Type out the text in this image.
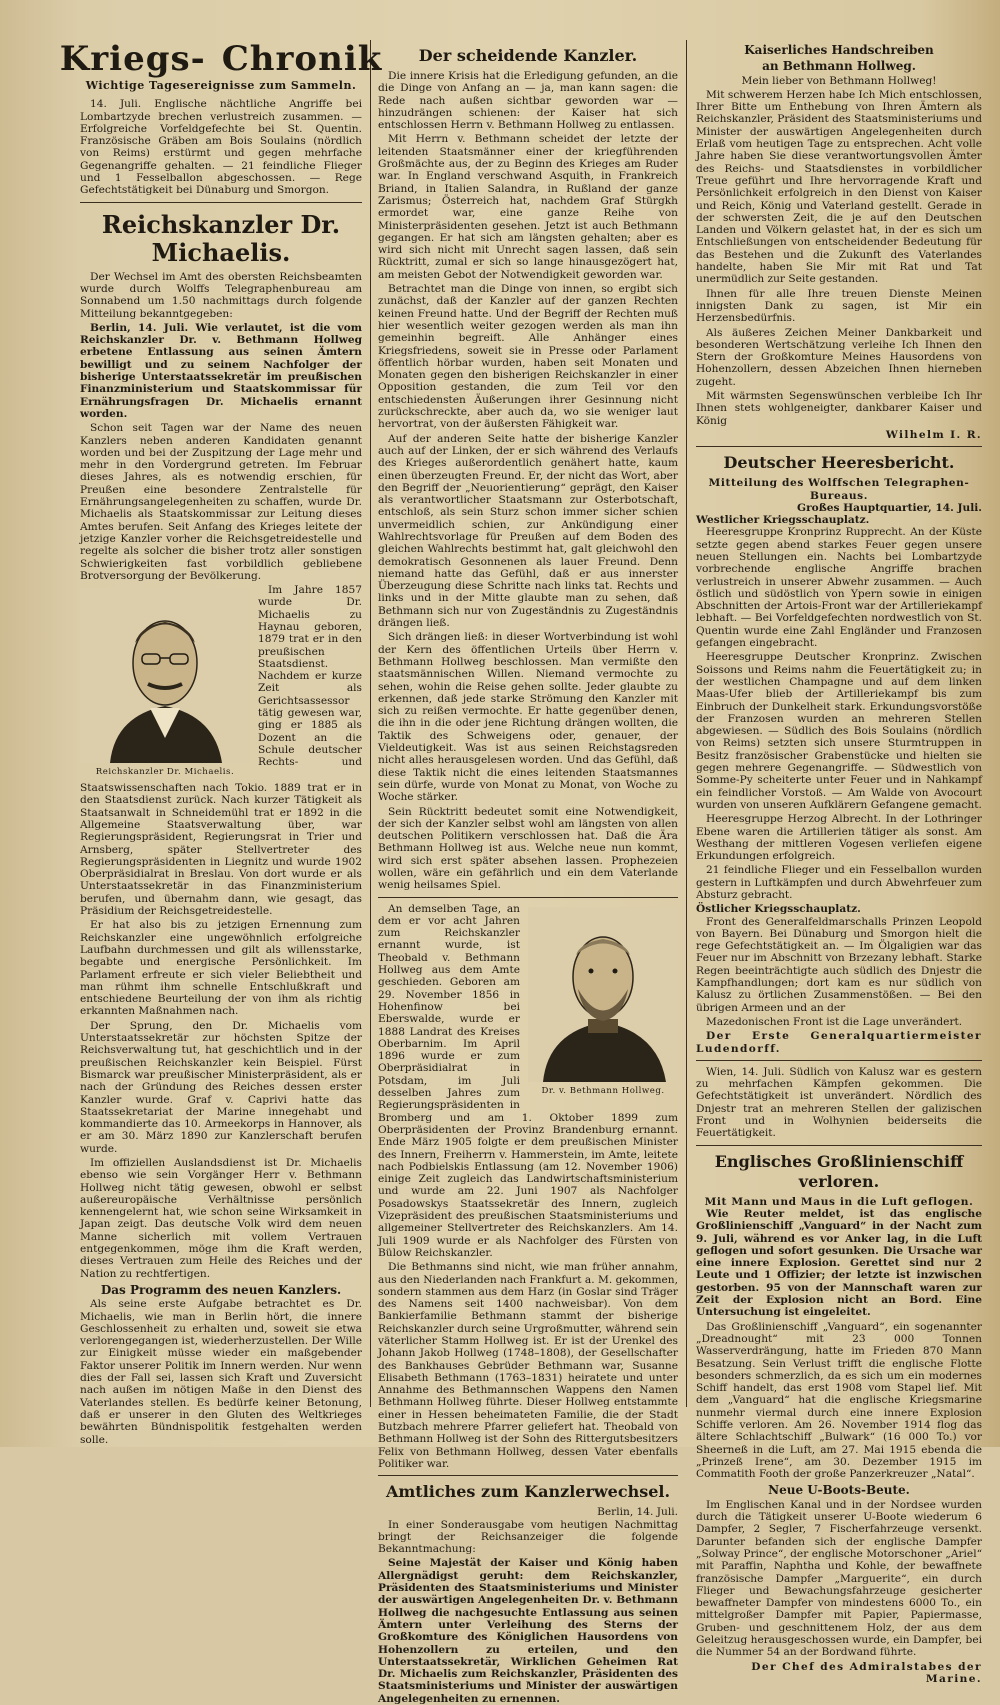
Kriegs- Chronik
Wichtige Tagesereignisse zum Sammeln.

14. Juli. Englische nächtliche Angriffe bei Lombartzyde brechen verlustreich zusammen. — Erfolgreiche Vorfeldgefechte bei St. Quentin. Französische Gräben am Bois Soulains (nördlich von Reims) erstürmt und gegen mehrfache Gegenangriffe gehalten. — 21 feindliche Flieger und 1 Fesselballon abgeschossen. — Rege Gefechtstätigkeit bei Dünaburg und Smorgon.

Reichskanzler Dr. Michaelis.

Der Wechsel im Amt des obersten Reichsbeamten wurde durch Wolffs Telegraphenbureau am Sonnabend um 1.50 nachmittags durch folgende Mitteilung bekanntgegeben:

Berlin, 14. Juli. Wie verlautet, ist die vom Reichskanzler Dr. v. Bethmann Hollweg erbetene Entlassung aus seinen Ämtern bewilligt und zu seinem Nachfolger der bisherige Unterstaatssekretär im preußischen Finanzministerium und Staatskommissar für Ernährungsfragen Dr. Michaelis ernannt worden.

Schon seit Tagen war der Name des neuen Kanzlers neben anderen Kandidaten genannt worden und bei der Zuspitzung der Lage mehr und mehr in den Vordergrund getreten. Im Februar dieses Jahres, als es notwendig erschien, für Preußen eine besondere Zentralstelle für Ernährungsangelegenheiten zu schaffen, wurde Dr. Michaelis als Staatskommissar zur Leitung dieses Amtes berufen. Seit Anfang des Krieges leitete der jetzige Kanzler vorher die Reichsgetreidestelle und regelte als solcher die bisher trotz aller sonstigen Schwierigkeiten fast vorbildlich gebliebene Brotversorgung der Bevölkerung.

Reichskanzler Dr. Michaelis.

Im Jahre 1857 wurde Dr. Michaelis zu Haynau geboren, 1879 trat er in den preußischen Staatsdienst. Nachdem er kurze Zeit als Gerichtsassessor tätig gewesen war, ging er 1885 als Dozent an die Schule deutscher Rechts- und Staatswissenschaften nach Tokio. 1889 trat er in den Staatsdienst zurück. Nach kurzer Tätigkeit als Staatsanwalt in Schneidemühl trat er 1892 in die Allgemeine Staatsverwaltung über, war Regierungspräsident, Regierungsrat in Trier und Arnsberg, später Stellvertreter des Regierungspräsidenten in Liegnitz und wurde 1902 Oberpräsidialrat in Breslau. Von dort wurde er als Unterstaatssekretär in das Finanzministerium berufen, und übernahm dann, wie gesagt, das Präsidium der Reichsgetreidestelle.

Er hat also bis zu jetzigen Ernennung zum Reichskanzler eine ungewöhnlich erfolgreiche Laufbahn durchmessen und gilt als willensstarke, begabte und energische Persönlichkeit. Im Parlament erfreute er sich vieler Beliebtheit und man rühmt ihm schnelle Entschlußkraft und entschiedene Beurteilung der von ihm als richtig erkannten Maßnahmen nach.

Der Sprung, den Dr. Michaelis vom Unterstaatssekretär zur höchsten Spitze der Reichsverwaltung tut, hat geschichtlich und in der preußischen Reichskanzler kein Beispiel. Fürst Bismarck war preußischer Ministerpräsident, als er nach der Gründung des Reiches dessen erster Kanzler wurde. Graf v. Caprivi hatte das Staatssekretariat der Marine innegehabt und kommandierte das 10. Armeekorps in Hannover, als er am 30. März 1890 zur Kanzlerschaft berufen wurde.

Im offiziellen Auslandsdienst ist Dr. Michaelis ebenso wie sein Vorgänger Herr v. Bethmann Hollweg nicht tätig gewesen, obwohl er selbst außereuropäische Verhältnisse persönlich kennengelernt hat, wie schon seine Wirksamkeit in Japan zeigt. Das deutsche Volk wird dem neuen Manne sicherlich mit vollem Vertrauen entgegenkommen, möge ihm die Kraft werden, dieses Vertrauen zum Heile des Reiches und der Nation zu rechtfertigen.

Das Programm des neuen Kanzlers.

Als seine erste Aufgabe betrachtet es Dr. Michaelis, wie man in Berlin hört, die innere Geschlossenheit zu erhalten und, soweit sie etwa verlorengegangen ist, wiederherzustellen. Der Wille zur Einigkeit müsse wieder ein maßgebender Faktor unserer Politik im Innern werden. Nur wenn dies der Fall sei, lassen sich Kraft und Zuversicht nach außen im nötigen Maße in den Dienst des Vaterlandes stellen. Es bedürfe keiner Betonung, daß er unserer in den Gluten des Weltkrieges bewährten Bündnispolitik festgehalten werden solle.

Der scheidende Kanzler.

Die innere Krisis hat die Erledigung gefunden, an die die Dinge von Anfang an — ja, man kann sagen: die Rede nach außen sichtbar geworden war — hinzudrängen schienen: der Kaiser hat sich entschlossen Herrn v. Bethmann Hollweg zu entlassen.

Mit Herrn v. Bethmann scheidet der letzte der leitenden Staatsmänner einer der kriegführenden Großmächte aus, der zu Beginn des Krieges am Ruder war. In England verschwand Asquith, in Frankreich Briand, in Italien Salandra, in Rußland der ganze Zarismus; Österreich hat, nachdem Graf Stürgkh ermordet war, eine ganze Reihe von Ministerpräsidenten gesehen. Jetzt ist auch Bethmann gegangen. Er hat sich am längsten gehalten; aber es wird sich nicht mit Unrecht sagen lassen, daß sein Rücktritt, zumal er sich so lange hinausgezögert hat, am meisten Gebot der Notwendigkeit geworden war.

Betrachtet man die Dinge von innen, so ergibt sich zunächst, daß der Kanzler auf der ganzen Rechten keinen Freund hatte. Und der Begriff der Rechten muß hier wesentlich weiter gezogen werden als man ihn gemeinhin begreift. Alle Anhänger eines Kriegsfriedens, soweit sie in Presse oder Parlament öffentlich hörbar wurden, haben seit Monaten und Monaten gegen den bisherigen Reichskanzler in einer Opposition gestanden, die zum Teil vor den entschiedensten Äußerungen ihrer Gesinnung nicht zurückschreckte, aber auch da, wo sie weniger laut hervortrat, von der äußersten Fähigkeit war.

Auf der anderen Seite hatte der bisherige Kanzler auch auf der Linken, der er sich während des Verlaufs des Krieges außerordentlich genähert hatte, kaum einen überzeugten Freund. Er, der nicht das Wort, aber den Begriff der „Neuorientierung“ geprägt, den Kaiser als verantwortlicher Staatsmann zur Osterbotschaft, entschloß, als sein Sturz schon immer sicher schien unvermeidlich schien, zur Ankündigung einer Wahlrechtsvorlage für Preußen auf dem Boden des gleichen Wahlrechts bestimmt hat, galt gleichwohl den demokratisch Gesonnenen als lauer Freund. Denn niemand hatte das Gefühl, daß er aus innerster Überzeugung diese Schritte nach links tat. Rechts und links und in der Mitte glaubte man zu sehen, daß Bethmann sich nur von Zugeständnis zu Zugeständnis drängen ließ.

Sich drängen ließ: in dieser Wortverbindung ist wohl der Kern des öffentlichen Urteils über Herrn v. Bethmann Hollweg beschlossen. Man vermißte den staatsmännischen Willen. Niemand vermochte zu sehen, wohin die Reise gehen sollte. Jeder glaubte zu erkennen, daß jede starke Strömung den Kanzler mit sich zu reißen vermochte. Er hatte gegenüber denen, die ihn in die oder jene Richtung drängen wollten, die Taktik des Schweigens oder, genauer, der Vieldeutigkeit. Was ist aus seinen Reichstagsreden nicht alles herausgelesen worden. Und das Gefühl, daß diese Taktik nicht die eines leitenden Staatsmannes sein dürfe, wurde von Monat zu Monat, von Woche zu Woche stärker.

Sein Rücktritt bedeutet somit eine Notwendigkeit, der sich der Kanzler selbst wohl am längsten von allen deutschen Politikern verschlossen hat. Daß die Ära Bethmann Hollweg ist aus. Welche neue nun kommt, wird sich erst später absehen lassen. Prophezeien wollen, wäre ein gefährlich und ein dem Vaterlande wenig heilsames Spiel.

Dr. v. Bethmann Hollweg.

An demselben Tage, an dem er vor acht Jahren zum Reichskanzler ernannt wurde, ist Theobald v. Bethmann Hollweg aus dem Amte geschieden. Geboren am 29. November 1856 in Hohenfinow bei Eberswalde, wurde er 1888 Landrat des Kreises Oberbarnim. Im April 1896 wurde er zum Oberpräsidialrat in Potsdam, im Juli desselben Jahres zum Regierungspräsidenten in Bromberg und am 1. Oktober 1899 zum Oberpräsidenten der Provinz Brandenburg ernannt. Ende März 1905 folgte er dem preußischen Minister des Innern, Freiherrn v. Hammerstein, im Amte, leitete nach Podbielskis Entlassung (am 12. November 1906) einige Zeit zugleich das Landwirtschaftsministerium und wurde am 22. Juni 1907 als Nachfolger Posadowskys Staatssekretär des Innern, zugleich Vizepräsident des preußischen Staatsministeriums und allgemeiner Stellvertreter des Reichskanzlers. Am 14. Juli 1909 wurde er als Nachfolger des Fürsten von Bülow Reichskanzler.

Die Bethmanns sind nicht, wie man früher annahm, aus den Niederlanden nach Frankfurt a. M. gekommen, sondern stammen aus dem Harz (in Goslar sind Träger des Namens seit 1400 nachweisbar). Von dem Bankierfamilie Bethmann stammt der bisherige Reichskanzler durch seine Urgroßmutter, während sein väterlicher Stamm Hollweg ist. Er ist der Urenkel des Johann Jakob Hollweg (1748–1808), der Gesellschafter des Bankhauses Gebrüder Bethmann war, Susanne Elisabeth Bethmann (1763–1831) heiratete und unter Annahme des Bethmannschen Wappens den Namen Bethmann Hollweg führte. Dieser Hollweg entstammte einer in Hessen beheimateten Familie, die der Stadt Butzbach mehrere Pfarrer geliefert hat. Theobald von Bethmann Hollweg ist der Sohn des Rittergutsbesitzers Felix von Bethmann Hollweg, dessen Vater ebenfalls Politiker war.

Amtliches zum Kanzlerwechsel.
Berlin, 14. Juli.

In einer Sonderausgabe vom heutigen Nachmittag bringt der Reichsanzeiger die folgende Bekanntmachung:

Seine Majestät der Kaiser und König haben Allergnädigst geruht: dem Reichskanzler, Präsidenten des Staatsministeriums und Minister der auswärtigen Angelegenheiten Dr. v. Bethmann Hollweg die nachgesuchte Entlassung aus seinen Ämtern unter Verleihung des Sterns der Großkomture des Königlichen Hausordens von Hohenzollern zu erteilen, und den Unterstaatssekretär, Wirklichen Geheimen Rat Dr. Michaelis zum Reichskanzler, Präsidenten des Staatsministeriums und Minister der auswärtigen Angelegenheiten zu ernennen.

Kaiserliches Handschreiben
an Bethmann Hollweg.

Mein lieber von Bethmann Hollweg!

Mit schwerem Herzen habe Ich Mich entschlossen, Ihrer Bitte um Enthebung von Ihren Ämtern als Reichskanzler, Präsident des Staatsministeriums und Minister der auswärtigen Angelegenheiten durch Erlaß vom heutigen Tage zu entsprechen. Acht volle Jahre haben Sie diese verantwortungsvollen Ämter des Reichs- und Staatsdienstes in vorbildlicher Treue geführt und Ihre hervorragende Kraft und Persönlichkeit erfolgreich in den Dienst von Kaiser und Reich, König und Vaterland gestellt. Gerade in der schwersten Zeit, die je auf den Deutschen Landen und Völkern gelastet hat, in der es sich um Entschließungen von entscheidender Bedeutung für das Bestehen und die Zukunft des Vaterlandes handelte, haben Sie Mir mit Rat und Tat unermüdlich zur Seite gestanden.

Ihnen für alle Ihre treuen Dienste Meinen innigsten Dank zu sagen, ist Mir ein Herzensbedürfnis.

Als äußeres Zeichen Meiner Dankbarkeit und besonderen Wertschätzung verleihe Ich Ihnen den Stern der Großkomture Meines Hausordens von Hohenzollern, dessen Abzeichen Ihnen hierneben zugeht.

Mit wärmsten Segenswünschen verbleibe Ich Ihr Ihnen stets wohlgeneigter, dankbarer Kaiser und König

Wilhelm I. R.
Deutscher Heeresbericht.
Mitteilung des Wolffschen Telegraphen-Bureaus.
Großes Hauptquartier, 14. Juli.
Westlicher Kriegsschauplatz.

Heeresgruppe Kronprinz Rupprecht. An der Küste setzte gegen abend starkes Feuer gegen unsere neuen Stellungen ein. Nachts bei Lombartzyde vorbrechende englische Angriffe brachen verlustreich in unserer Abwehr zusammen. — Auch östlich und südöstlich von Ypern sowie in einigen Abschnitten der Artois-Front war der Artilleriekampf lebhaft. — Bei Vorfeldgefechten nordwestlich von St. Quentin wurde eine Zahl Engländer und Franzosen gefangen eingebracht.

Heeresgruppe Deutscher Kronprinz. Zwischen Soissons und Reims nahm die Feuertätigkeit zu; in der westlichen Champagne und auf dem linken Maas-Ufer blieb der Artilleriekampf bis zum Einbruch der Dunkelheit stark. Erkundungsvorstöße der Franzosen wurden an mehreren Stellen abgewiesen. — Südlich des Bois Soulains (nördlich von Reims) setzten sich unsere Sturmtruppen in Besitz französischer Grabenstücke und hielten sie gegen mehrere Gegenangriffe. — Südwestlich von Somme-Py scheiterte unter Feuer und in Nahkampf ein feindlicher Vorstoß. — Am Walde von Avocourt wurden von unseren Aufklärern Gefangene gemacht.

Heeresgruppe Herzog Albrecht. In der Lothringer Ebene waren die Artillerien tätiger als sonst. Am Westhang der mittleren Vogesen verliefen eigene Erkundungen erfolgreich.

21 feindliche Flieger und ein Fesselballon wurden gestern in Luftkämpfen und durch Abwehrfeuer zum Absturz gebracht.

Östlicher Kriegsschauplatz.

Front des Generalfeldmarschalls Prinzen Leopold von Bayern. Bei Dünaburg und Smorgon hielt die rege Gefechtstätigkeit an. — Im Ölgaligien war das Feuer nur im Abschnitt von Brzezany lebhaft. Starke Regen beeinträchtigte auch südlich des Dnjestr die Kampfhandlungen; dort kam es nur südlich von Kalusz zu örtlichen Zusammenstößen. — Bei den übrigen Armeen und an der

Mazedonischen Front ist die Lage unverändert.

Der Erste Generalquartiermeister Ludendorff.

Wien, 14. Juli. Südlich von Kalusz war es gestern zu mehrfachen Kämpfen gekommen. Die Gefechtstätigkeit ist unverändert. Nördlich des Dnjestr trat an mehreren Stellen der galizischen Front und in Wolhynien beiderseits die Feuertätigkeit.

Englisches Großlinienschiff verloren.
Mit Mann und Maus in die Luft geflogen.

Wie Reuter meldet, ist das englische Großlinienschiff „Vanguard“ in der Nacht zum 9. Juli, während es vor Anker lag, in die Luft geflogen und sofort gesunken. Die Ursache war eine innere Explosion. Gerettet sind nur 2 Leute und 1 Offizier; der letzte ist inzwischen gestorben. 95 von der Mannschaft waren zur Zeit der Explosion nicht an Bord. Eine Untersuchung ist eingeleitet.

Das Großlinienschiff „Vanguard“, ein sogenannter „Dreadnought“ mit 23 000 Tonnen Wasserverdrängung, hatte im Frieden 870 Mann Besatzung. Sein Verlust trifft die englische Flotte besonders schmerzlich, da es sich um ein modernes Schiff handelt, das erst 1908 vom Stapel lief. Mit dem „Vanguard“ hat die englische Kriegsmarine nunmehr viermal durch eine innere Explosion Schiffe verloren. Am 26. November 1914 flog das ältere Schlachtschiff „Bulwark“ (16 000 To.) vor Sheerneß in die Luft, am 27. Mai 1915 ebenda die „Prinzeß Irene“, am 30. Dezember 1915 im Commatith Footh der große Panzerkreuzer „Natal“.

Neue U-Boots-Beute.

Im Englischen Kanal und in der Nordsee wurden durch die Tätigkeit unserer U-Boote wiederum 6 Dampfer, 2 Segler, 7 Fischerfahrzeuge versenkt. Darunter befanden sich der englische Dampfer „Solway Prince“, der englische Motorschoner „Ariel“ mit Paraffin, Naphtha und Kohle, der bewaffnete französische Dampfer „Marguerite“, ein durch Flieger und Bewachungsfahrzeuge gesicherter bewaffneter Dampfer von mindestens 6000 To., ein mittelgroßer Dampfer mit Papier, Papiermasse, Gruben- und geschnittenem Holz, der aus dem Geleitzug herausgeschossen wurde, ein Dampfer, bei die Nummer 54 an der Bordwand führte.

Der Chef des Admiralstabes der Marine.
